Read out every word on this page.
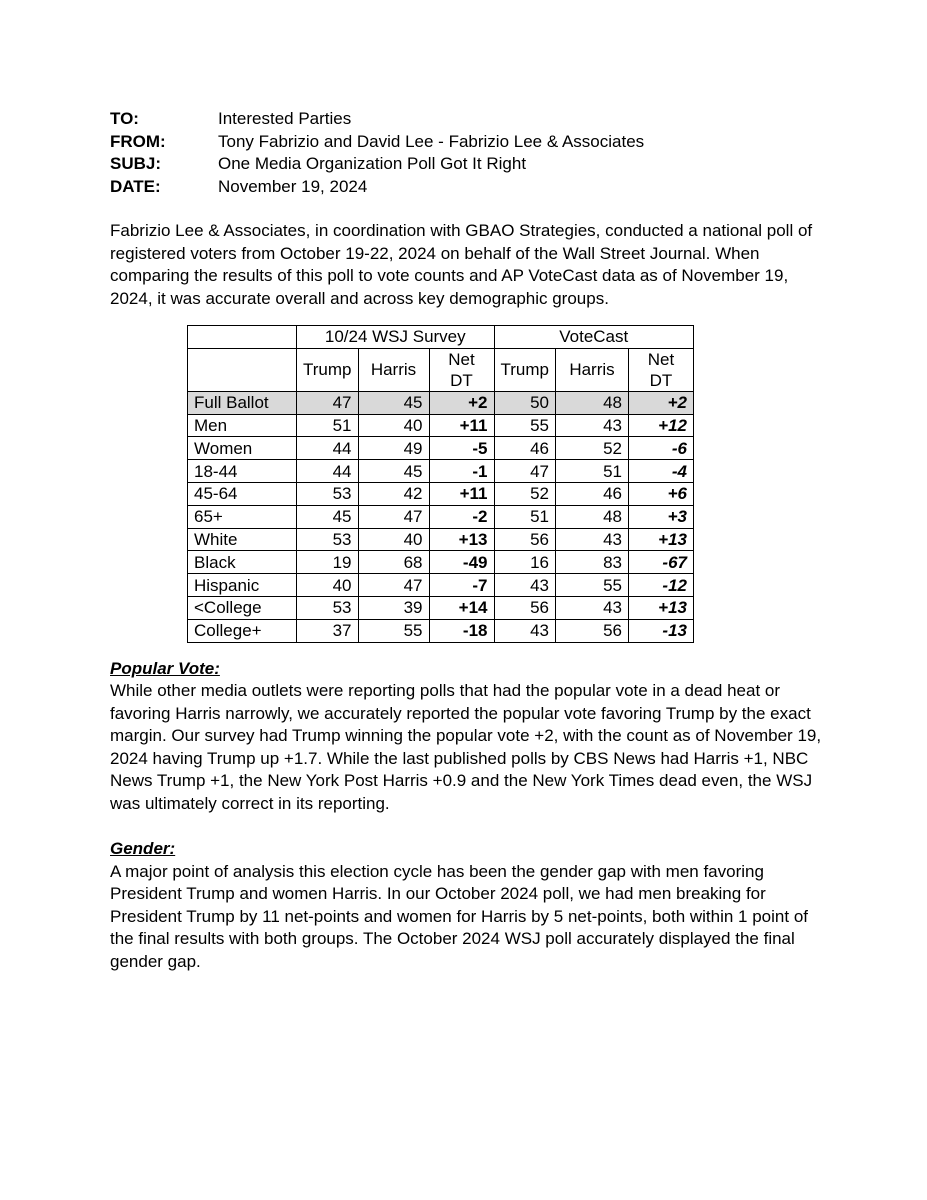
TO:	Interested Parties
FROM:	Tony Fabrizio and David Lee - Fabrizio Lee & Associates
SUBJ:	One Media Organization Poll Got It Right
DATE:	November 19, 2024

Fabrizio Lee & Associates, in coordination with GBAO Strategies, conducted a national poll of registered voters from October 19-22, 2024 on behalf of the Wall Street Journal. When comparing the results of this poll to vote counts and AP VoteCast data as of November 19, 2024, it was accurate overall and across key demographic groups.

	10/24 WSJ Survey			VoteCast		
	Trump	Harris	Net DT	Trump	Harris	Net DT
Full Ballot	47	45	+2	50	48	+2
Men	51	40	+11	55	43	+12
Women	44	49	-5	46	52	-6
18-44	44	45	-1	47	51	-4
45-64	53	42	+11	52	46	+6
65+	45	47	-2	51	48	+3
White	53	40	+13	56	43	+13
Black	19	68	-49	16	83	-67
Hispanic	40	47	-7	43	55	-12
<College	53	39	+14	56	43	+13
College+	37	55	-18	43	56	-13
Popular Vote:

While other media outlets were reporting polls that had the popular vote in a dead heat or favoring Harris narrowly, we accurately reported the popular vote favoring Trump by the exact margin. Our survey had Trump winning the popular vote +2, with the count as of November 19, 2024 having Trump up +1.7. While the last published polls by CBS News had Harris +1, NBC News Trump +1, the New York Post Harris +0.9 and the New York Times dead even, the WSJ was ultimately correct in its reporting.

Gender:

A major point of analysis this election cycle has been the gender gap with men favoring President Trump and women Harris. In our October 2024 poll, we had men breaking for President Trump by 11 net-points and women for Harris by 5 net-points, both within 1 point of the final results with both groups. The October 2024 WSJ poll accurately displayed the final gender gap.
